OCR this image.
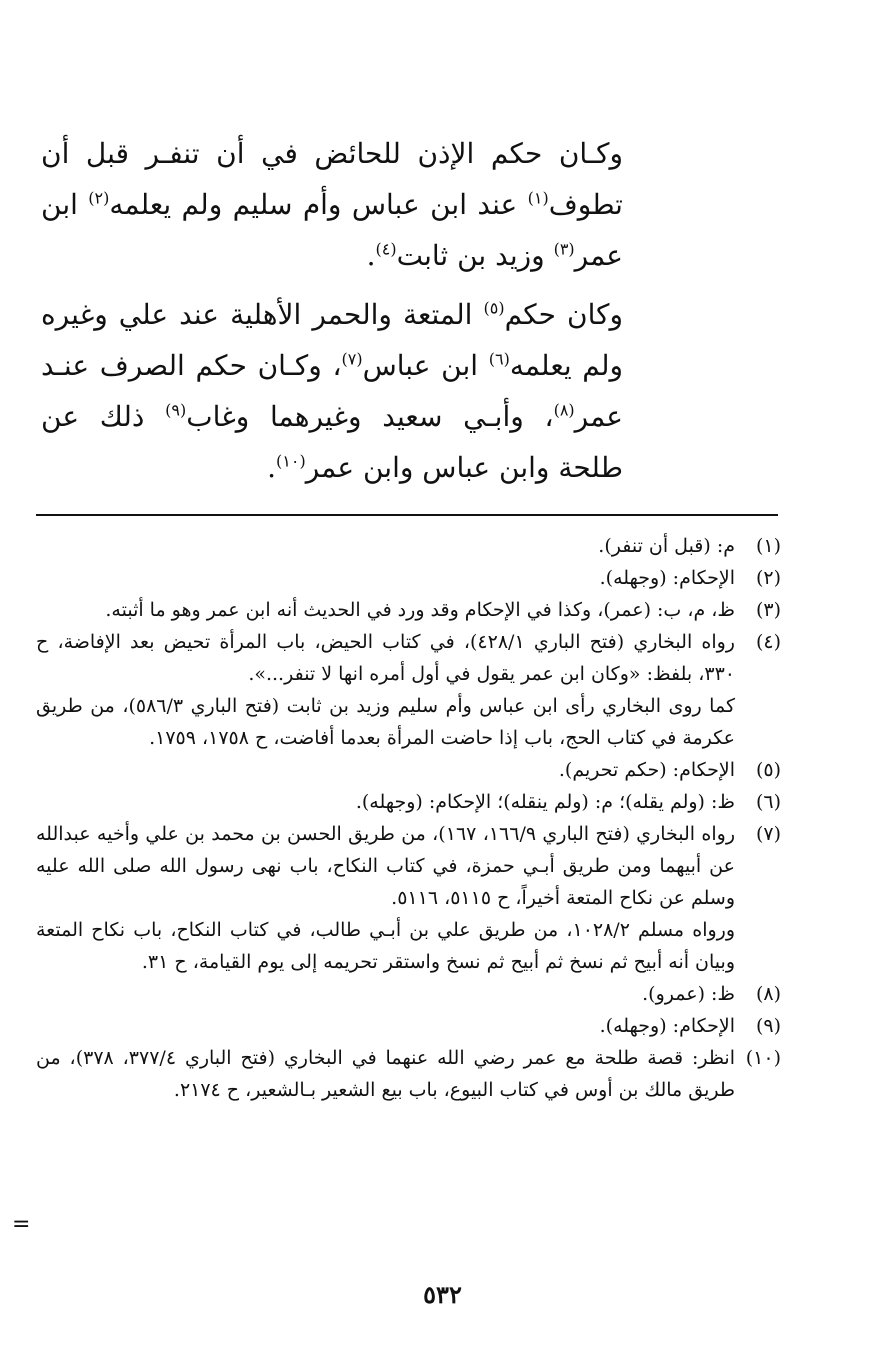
وكـان حكم الإذن للحائض في أن تنفـر قبل أن تطوف$^{(١)}$ عند ابن عباس وأم سليم ولم يعلمه$^{(٢)}$ ابن عمر$^{(٣)}$ وزيد بن ثابت$^{(٤)}$.

وكان حكم$^{(٥)}$ المتعة والحمر الأهلية عند علي وغيره ولم يعلمه$^{(٦)}$ ابن عباس$^{(٧)}$، وكـان حكم الصرف عنـد عمر$^{(٨)}$، وأبـي سعيد وغيرهما وغاب$^{(٩)}$ ذلك عن طلحة وابن عباس وابن عمر$^{(١٠)}$.

(١)
م: (قبل أن تنفر).
(٢)
الإحكام: (وجهله).
(٣)
ظ، م، ب: (عمر)، وكذا في الإحكام وقد ورد في الحديث أنه ابن عمر وهو ما أثبته.
(٤)
رواه البخاري (فتح الباري ٤٢٨/١)، في كتاب الحيض، باب المرأة تحيض بعد الإفاضة، ح ٣٣٠، بلفظ: «وكان ابن عمر يقول في أول أمره انها لا تنفر...».
كما روى البخاري رأى ابن عباس وأم سليم وزيد بن ثابت (فتح الباري ٥٨٦/٣)، من طريق عكرمة في كتاب الحج، باب إذا حاضت المرأة بعدما أفاضت، ح ١٧٥٨، ١٧٥٩.
(٥)
الإحكام: (حكم تحريم).
(٦)
ظ: (ولم يقله)؛ م: (ولم ينقله)؛ الإحكام: (وجهله).
(٧)
رواه البخاري (فتح الباري ١٦٦/٩، ١٦٧)، من طريق الحسن بن محمد بن علي وأخيه عبدالله عن أبيهما ومن طريق أبـي حمزة، في كتاب النكاح، باب نهى رسول الله صلى الله عليه وسلم عن نكاح المتعة أخيراً، ح ٥١١٥، ٥١١٦.
ورواه مسلم ١٠٢٨/٢، من طريق علي بن أبـي طالب، في كتاب النكاح، باب نكاح المتعة وبيان أنه أبيح ثم نسخ ثم أبيح ثم نسخ واستقر تحريمه إلى يوم القيامة، ح ٣١.
(٨)
ظ: (عمرو).
(٩)
الإحكام: (وجهله).
(١٠)
انظر: قصة طلحة مع عمر رضي الله عنهما في البخاري (فتح الباري ٣٧٧/٤، ٣٧٨)، من طريق مالك بن أوس في كتاب البيوع، باب بيع الشعير بـالشعير، ح ٢١٧٤.
=
٥٣٢
